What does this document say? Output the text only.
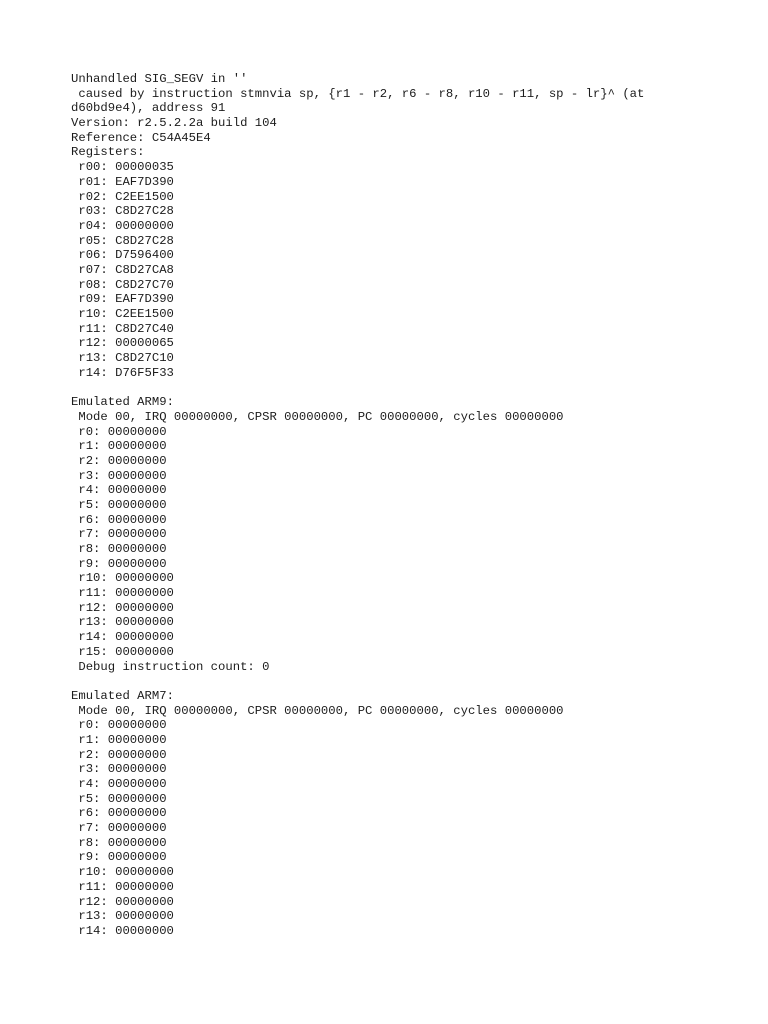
Unhandled SIG_SEGV in ''
caused by instruction stmnvia sp, {r1 - r2, r6 - r8, r10 - r11, sp - lr}^ (at
d60bd9e4), address 91
Version: r2.5.2.2a build 104
Reference: C54A45E4
Registers:
r00: 00000035
r01: EAF7D390
r02: C2EE1500
r03: C8D27C28
r04: 00000000
r05: C8D27C28
r06: D7596400
r07: C8D27CA8
r08: C8D27C70
r09: EAF7D390
r10: C2EE1500
r11: C8D27C40
r12: 00000065
r13: C8D27C10
r14: D76F5F33
Emulated ARM9:
Mode 00, IRQ 00000000, CPSR 00000000, PC 00000000, cycles 00000000
r0: 00000000
r1: 00000000
r2: 00000000
r3: 00000000
r4: 00000000
r5: 00000000
r6: 00000000
r7: 00000000
r8: 00000000
r9: 00000000
r10: 00000000
r11: 00000000
r12: 00000000
r13: 00000000
r14: 00000000
r15: 00000000
Debug instruction count: 0
Emulated ARM7:
Mode 00, IRQ 00000000, CPSR 00000000, PC 00000000, cycles 00000000
r0: 00000000
r1: 00000000
r2: 00000000
r3: 00000000
r4: 00000000
r5: 00000000
r6: 00000000
r7: 00000000
r8: 00000000
r9: 00000000
r10: 00000000
r11: 00000000
r12: 00000000
r13: 00000000
r14: 00000000
